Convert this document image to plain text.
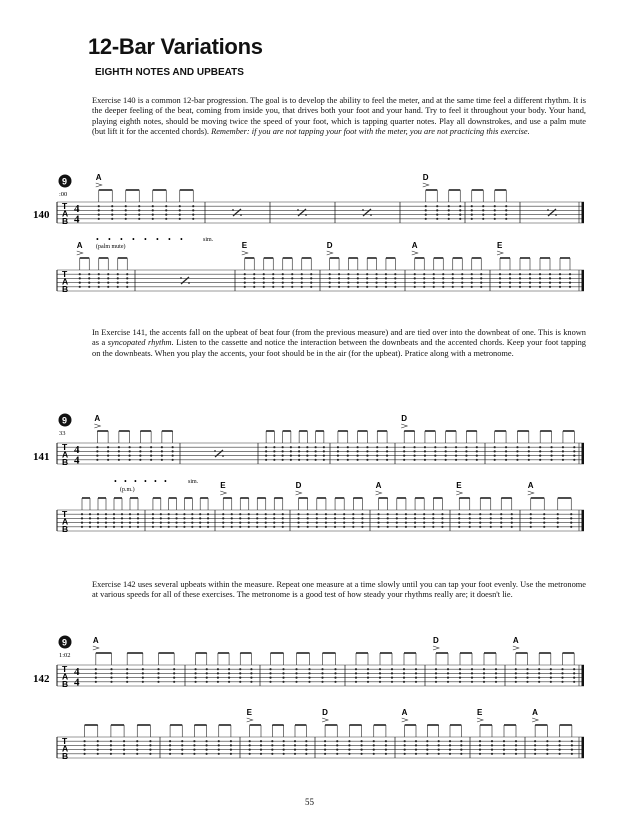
12-Bar Variations
EIGHTH NOTES AND UPBEATS
Exercise 140 is a common 12-bar progression. The goal is to develop the ability to feel the meter, and at the same time feel a different rhythm. It is the deeper feeling of the beat, coming from inside you, that drives both your foot and your hand. Try to feel it throughout your body. Your hand, playing eighth notes, should be moving twice the speed of your foot, which is tapping quarter notes. Play all downstrokes, and use a palm mute (but lift it for the accented chords). Remember: if you are not tapping your foot with the meter, you are not practicing this exercise.
In Exercise 141, the accents fall on the upbeat of beat four (from the previous measure) and are tied over into the downbeat of one. This is known as a syncopated rhythm. Listen to the cassette and notice the interaction between the downbeats and the accented chords. Keep your foot tapping on the downbeats. When you play the accents, your foot should be in the air (for the upbeat). Pratice along with a metronome.
Exercise 142 uses several upbeats within the measure. Repeat one measure at a time slowly until you can tap your foot evenly. Use the metronome at various speeds for all of these exercises. The metronome is a good test of how steady your rhythms really are; it doesn't lie.
9
:00
140
T
A
B
4
4
A	D
(palm mute)
• • • • • • • •	sim.
T
A
B
A	E	D	A	E
9
33
141
T
A
B
4
4
A	D
(p.m.)
• • • • • •	sim.
T
A
B
E	D	A	E	A
9
1:02
142
T
A
B
4
4
A	D	A
T
A
B
E	D	A	E	A
55
